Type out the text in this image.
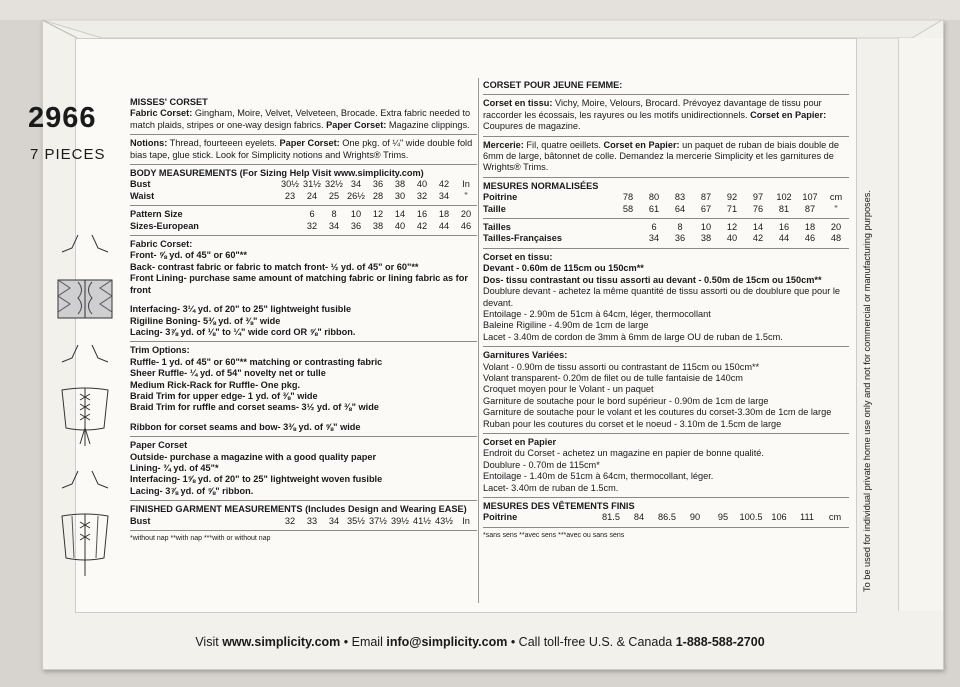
2966
7 PIECES
MISSES' CORSET
Fabric Corset: Gingham, Moire, Velvet, Velveteen, Brocade. Extra fabric needed to match plaids, stripes or one-way design fabrics. Paper Corset: Magazine clippings.
Notions: Thread, fourteeen eyelets. Paper Corset: One pkg. of ¼" wide double fold bias tape, glue stick. Look for Simplicity notions and Wrights® Trims.
BODY MEASUREMENTS (For Sizing Help Visit www.simplicity.com)
Bust	30½ 31½ 32½ 34	36	38	40	42	In
Waist	23	24	25 26½ 28	30	32	34	"
Pattern Size	6	8	10	12	14	16	18	20
Sizes-European	32	34	36	38	40	42	44	46
Fabric Corset:
Front- ⅝ yd. of 45" or 60"**
Back- contrast fabric or fabric to match front- ½ yd. of 45" or 60"**
Front Lining- purchase same amount of matching fabric or lining fabric as for front
Interfacing- 3¼ yd. of 20" to 25" lightweight fusible
Rigiline Boning- 5⅜ yd. of ⅜" wide
Lacing- 3⅞ yd. of ⅛" to ¼" wide cord OR ⅝" ribbon.
Trim Options:
Ruffle- 1 yd. of 45" or 60"** matching or contrasting fabric
Sheer Ruffle- ¼ yd. of 54" novelty net or tulle
Medium Rick-Rack for Ruffle- One pkg.
Braid Trim for upper edge- 1 yd. of ⅜" wide
Braid Trim for ruffle and corset seams- 3½ yd. of ⅜" wide
Ribbon for corset seams and bow- 3⅜ yd. of ⅝" wide
Paper Corset
Outside- purchase a magazine with a good quality paper
Lining- ¾ yd. of 45"*
Interfacing- 1⅝ yd. of 20" to 25" lightweight woven fusible
Lacing- 3⅞ yd. of ⅝" ribbon.
FINISHED GARMENT MEASUREMENTS (Includes Design and Wearing EASE)
Bust	32	33	34 35½ 37½ 39½ 41½ 43½	In
*without nap **with nap ***with or without nap
CORSET POUR JEUNE FEMME:
Corset en tissu: Vichy, Moire, Velours, Brocard. Prévoyez davantage de tissu pour raccorder les écossais, les rayures ou les motifs unidirectionnels. Corset en Papier: Coupures de magazine.
Mercerie: Fil, quatre oeillets. Corset en Papier: un paquet de ruban de biais double de 6mm de large, bâtonnet de colle. Demandez la mercerie Simplicity et les garnitures de Wrights® Trims.
MESURES NORMALISÉES
Poitrine	78	80	83	87	92	97	102	107	cm
Taille	58	61	64	67	71	76	81	87	"
Tailles	6	8	10	12	14	16	18	20
Tailles-Françaises	34	36	38	40	42	44	46	48
Corset en tissu:
Devant - 0.60m de 115cm ou 150cm**
Dos- tissu contrastant ou tissu assorti au devant - 0.50m de 15cm ou 150cm**
Doublure devant - achetez la même quantité de tissu assorti ou de doublure que pour le devant.
Entoilage - 2.90m de 51cm à 64cm, léger, thermocollant
Baleine Rigiline - 4.90m de 1cm de large
Lacet - 3.40m de cordon de 3mm à 6mm de large OU de ruban de 1.5cm.
Garnitures Variées:
Volant - 0.90m de tissu assorti ou contrastant de 115cm ou 150cm**
Volant transparent- 0.20m de filet ou de tulle fantaisie de 140cm
Croquet moyen pour le Volant - un paquet
Garniture de soutache pour le bord supérieur - 0.90m de 1cm de large
Garniture de soutache pour le volant et les coutures du corset-3.30m de 1cm de large
Ruban pour les coutures du corset et le noeud - 3.10m de 1.5cm de large
Corset en Papier
Endroit du Corset - achetez un magazine en papier de bonne qualité.
Doublure - 0.70m de 115cm*
Entoilage - 1.40m de 51cm à 64cm, thermocollant, léger.
Lacet- 3.40m de ruban de 1.5cm.
MESURES DES VÊTEMENTS FINIS
Poitrine	81.5	84	86.5	90	95	100.5 106	111	cm
*sans sens **avec sens ***avec ou sans sens	To be used for individual private home use only and not for commercial or manufacturing purposes.
Visit www.simplicity.com • Email info@simplicity.com • Call toll-free U.S. & Canada 1-888-588-2700
